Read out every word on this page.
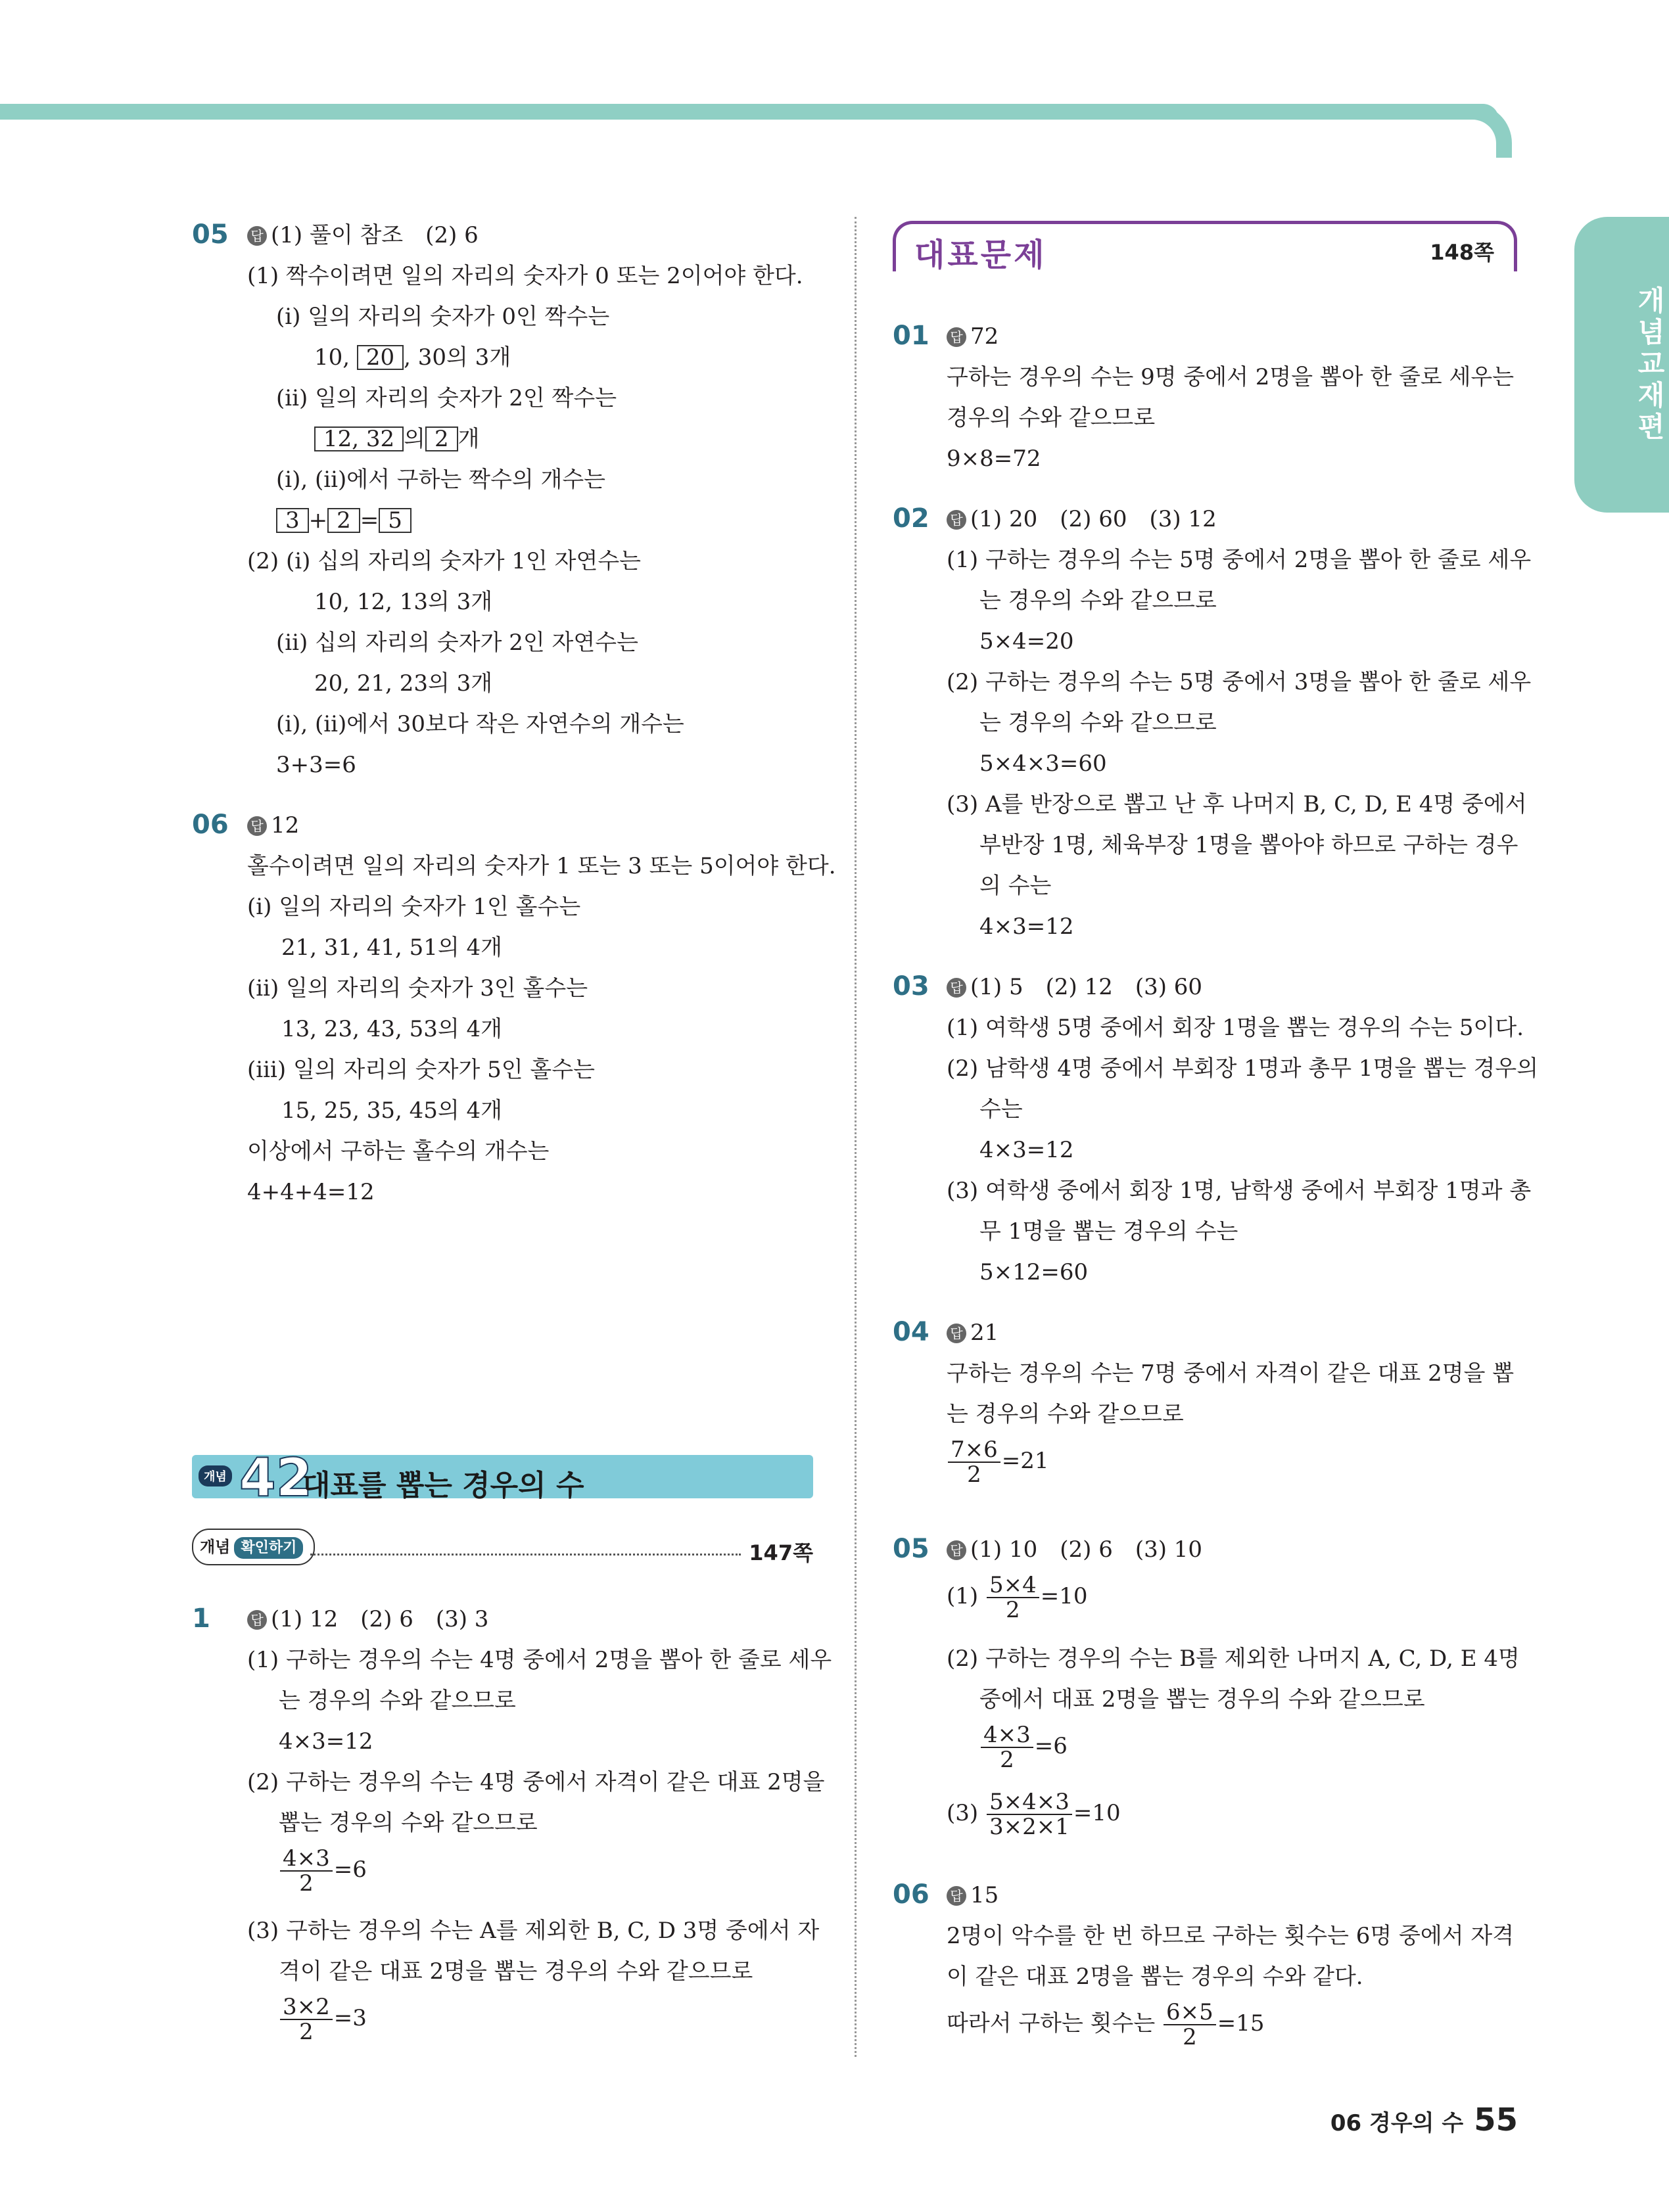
개념교재편
05 답 (1) 풀이 참조　(2) 6
(1) 짝수이려면 일의 자리의 숫자가 0 또는 2이어야 한다.
(ⅰ) 일의 자리의 숫자가 0인 짝수는
10, 20 , 30의 3개
(ⅱ) 일의 자리의 숫자가 2인 짝수는
12, 32 의 2 개
(ⅰ), (ⅱ)에서 구하는 짝수의 개수는
3 + 2 = 5
(2) (ⅰ) 십의 자리의 숫자가 1인 자연수는
10, 12, 13의 3개
(ⅱ) 십의 자리의 숫자가 2인 자연수는
20, 21, 23의 3개
(ⅰ), (ⅱ)에서 30보다 작은 자연수의 개수는
3+3=6
06 답 12
홀수이려면 일의 자리의 숫자가 1 또는 3 또는 5이어야 한다.
(ⅰ) 일의 자리의 숫자가 1인 홀수는
21, 31, 41, 51의 4개
(ⅱ) 일의 자리의 숫자가 3인 홀수는
13, 23, 43, 53의 4개
(ⅲ) 일의 자리의 숫자가 5인 홀수는
15, 25, 35, 45의 4개
이상에서 구하는 홀수의 개수는
4+4+4=12
개념 42
대표를 뽑는 경우의 수
개념 확인하기	147쪽
1	답 (1) 12　(2) 6　(3) 3
(1) 구하는 경우의 수는 4명 중에서 2명을 뽑아 한 줄로 세우
는 경우의 수와 같으므로
4×3=12
(2) 구하는 경우의 수는 4명 중에서 자격이 같은 대표 2명을
뽑는 경우의 수와 같으므로
$\frac{4\times 3}{2} =6$
(3) 구하는 경우의 수는 A를 제외한 B, C, D 3명 중에서 자
격이 같은 대표 2명을 뽑는 경우의 수와 같으므로
$\frac{3\times 2}{2} =3$
대표문제	148쪽
01 답 72
구하는 경우의 수는 9명 중에서 2명을 뽑아 한 줄로 세우는
경우의 수와 같으므로
9×8=72
02 답 (1) 20　(2) 60　(3) 12
(1) 구하는 경우의 수는 5명 중에서 2명을 뽑아 한 줄로 세우
는 경우의 수와 같으므로
5×4=20
(2) 구하는 경우의 수는 5명 중에서 3명을 뽑아 한 줄로 세우
는 경우의 수와 같으므로
5×4×3=60
(3) A를 반장으로 뽑고 난 후 나머지 B, C, D, E 4명 중에서
부반장 1명, 체육부장 1명을 뽑아야 하므로 구하는 경우
의 수는
4×3=12
03 답 (1) 5　(2) 12　(3) 60
(1) 여학생 5명 중에서 회장 1명을 뽑는 경우의 수는 5이다.
(2) 남학생 4명 중에서 부회장 1명과 총무 1명을 뽑는 경우의
수는
4×3=12
(3) 여학생 중에서 회장 1명, 남학생 중에서 부회장 1명과 총
무 1명을 뽑는 경우의 수는
5×12=60
04 답 21
구하는 경우의 수는 7명 중에서 자격이 같은 대표 2명을 뽑
는 경우의 수와 같으므로
$\frac{7\times 6}{2} =21$
05 답 (1) 10　(2) 6　(3) 10
$(1) \frac{5\times 4}{2} =10$
(2) 구하는 경우의 수는 B를 제외한 나머지 A, C, D, E 4명
중에서 대표 2명을 뽑는 경우의 수와 같으므로
$\frac{4\times 3}{2} =6$
$(3) \frac{5\times 4\times 3}{3\times 2\times 1} =10$
06 답 15
2명이 악수를 한 번 하므로 구하는 횟수는 6명 중에서 자격
이 같은 대표 2명을 뽑는 경우의 수와 같다.
따라서 구하는 횟수는 $\frac{6\times 5}{2} =15$
06 경우의 수 55
